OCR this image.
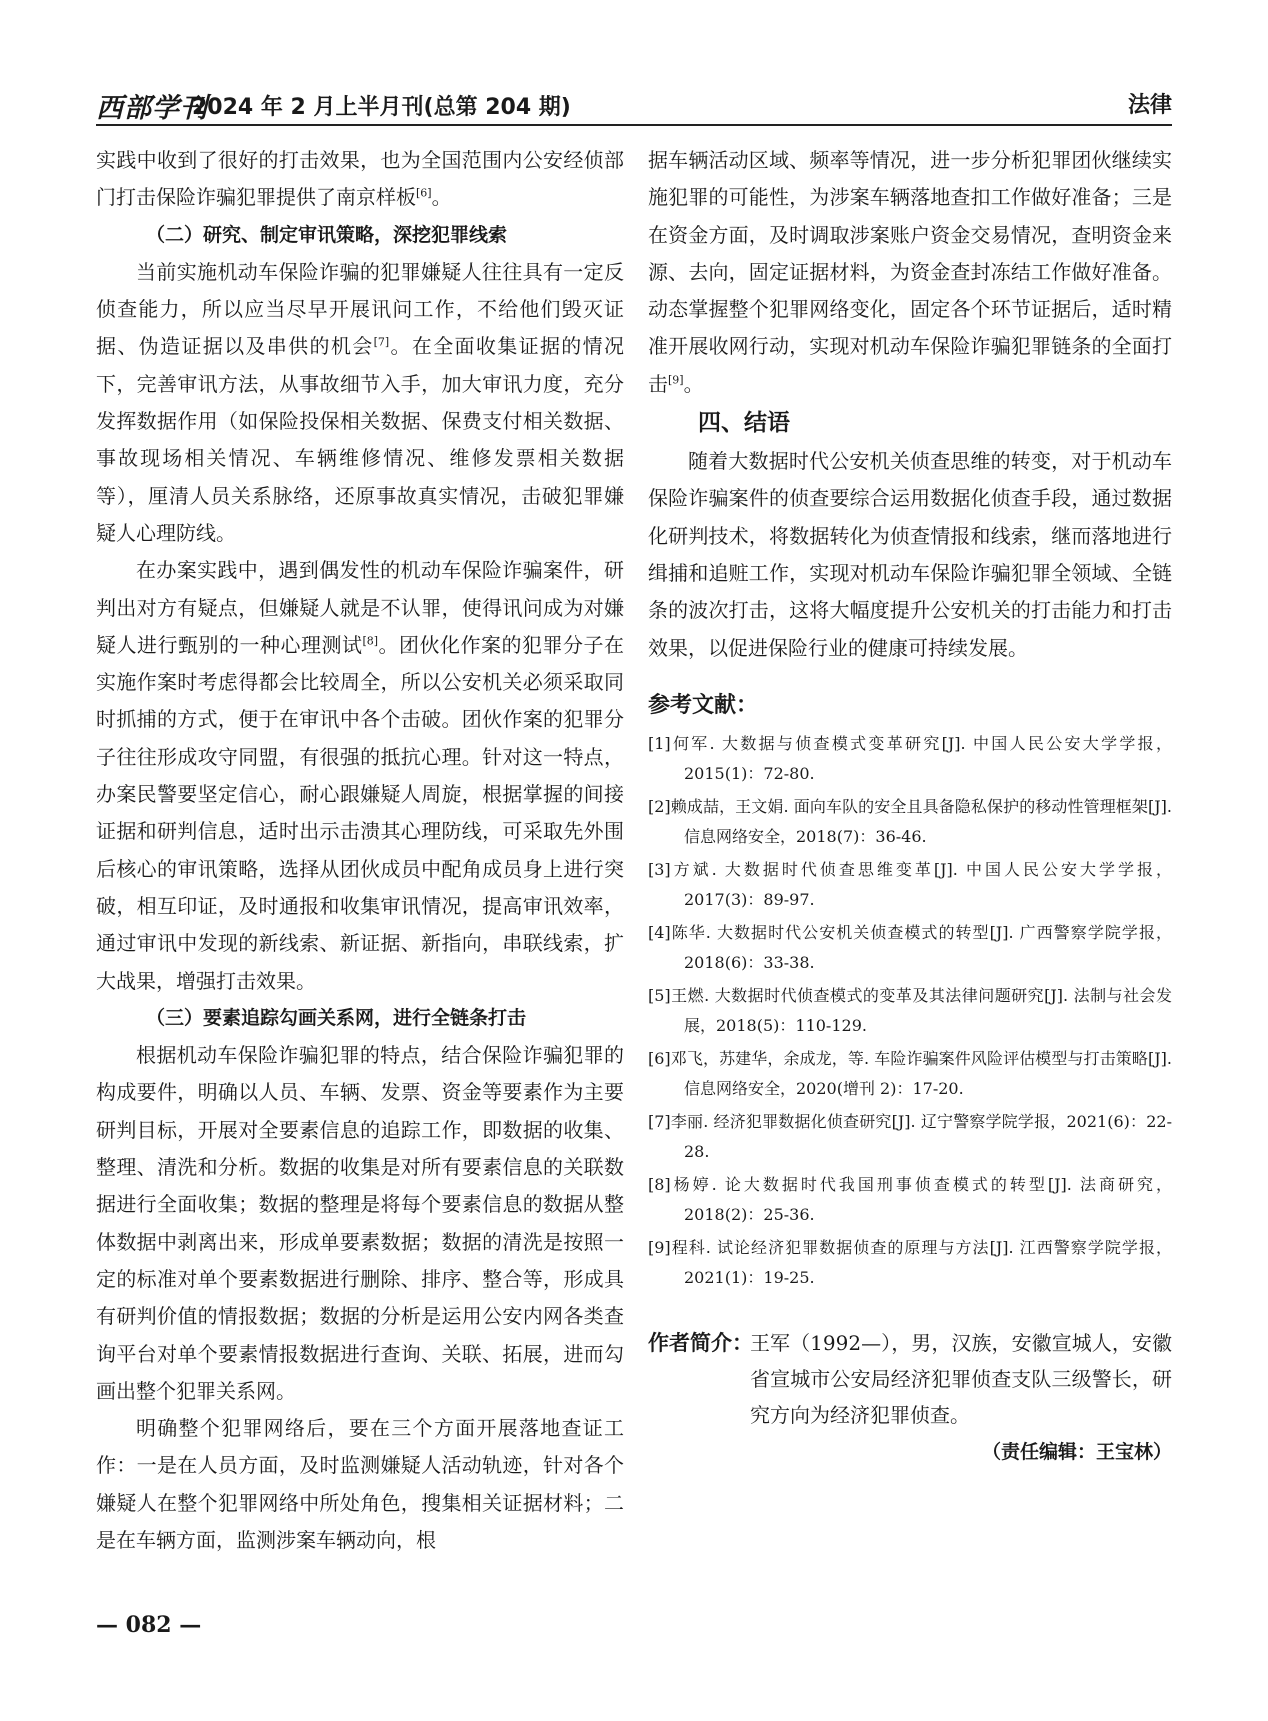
西部学刊
2024 年 2 月上半月刊(总第 204 期)	法律

实践中收到了很好的打击效果，也为全国范围内公安经侦部门打击保险诈骗犯罪提供了南京样板[6]。

（二）研究、制定审讯策略，深挖犯罪线索

当前实施机动车保险诈骗的犯罪嫌疑人往往具有一定反侦查能力，所以应当尽早开展讯问工作，不给他们毁灭证据、伪造证据以及串供的机会[7]。在全面收集证据的情况下，完善审讯方法，从事故细节入手，加大审讯力度，充分发挥数据作用（如保险投保相关数据、保费支付相关数据、事故现场相关情况、车辆维修情况、维修发票相关数据等），厘清人员关系脉络，还原事故真实情况，击破犯罪嫌疑人心理防线。

在办案实践中，遇到偶发性的机动车保险诈骗案件，研判出对方有疑点，但嫌疑人就是不认罪，使得讯问成为对嫌疑人进行甄别的一种心理测试[8]。团伙化作案的犯罪分子在实施作案时考虑得都会比较周全，所以公安机关必须采取同时抓捕的方式，便于在审讯中各个击破。团伙作案的犯罪分子往往形成攻守同盟，有很强的抵抗心理。针对这一特点，办案民警要坚定信心，耐心跟嫌疑人周旋，根据掌握的间接证据和研判信息，适时出示击溃其心理防线，可采取先外围后核心的审讯策略，选择从团伙成员中配角成员身上进行突破，相互印证，及时通报和收集审讯情况，提高审讯效率，通过审讯中发现的新线索、新证据、新指向，串联线索，扩大战果，增强打击效果。

（三）要素追踪勾画关系网，进行全链条打击

根据机动车保险诈骗犯罪的特点，结合保险诈骗犯罪的构成要件，明确以人员、车辆、发票、资金等要素作为主要研判目标，开展对全要素信息的追踪工作，即数据的收集、整理、清洗和分析。数据的收集是对所有要素信息的关联数据进行全面收集；数据的整理是将每个要素信息的数据从整体数据中剥离出来，形成单要素数据；数据的清洗是按照一定的标准对单个要素数据进行删除、排序、整合等，形成具有研判价值的情报数据；数据的分析是运用公安内网各类查询平台对单个要素情报数据进行查询、关联、拓展，进而勾画出整个犯罪关系网。

明确整个犯罪网络后，要在三个方面开展落地查证工作：一是在人员方面，及时监测嫌疑人活动轨迹，针对各个嫌疑人在整个犯罪网络中所处角色，搜集相关证据材料；二是在车辆方面，监测涉案车辆动向，根

据车辆活动区域、频率等情况，进一步分析犯罪团伙继续实施犯罪的可能性，为涉案车辆落地查扣工作做好准备；三是在资金方面，及时调取涉案账户资金交易情况，查明资金来源、去向，固定证据材料，为资金查封冻结工作做好准备。动态掌握整个犯罪网络变化，固定各个环节证据后，适时精准开展收网行动，实现对机动车保险诈骗犯罪链条的全面打击[9]。

四、结语

随着大数据时代公安机关侦查思维的转变，对于机动车保险诈骗案件的侦查要综合运用数据化侦查手段，通过数据化研判技术，将数据转化为侦查情报和线索，继而落地进行缉捕和追赃工作，实现对机动车保险诈骗犯罪全领域、全链条的波次打击，这将大幅度提升公安机关的打击能力和打击效果，以促进保险行业的健康可持续发展。

参考文献：
[1]何军. 大数据与侦查模式变革研究[J]. 中国人民公安大学学报，2015(1)：72-80.
[2]赖成喆，王文娟. 面向车队的安全且具备隐私保护的移动性管理框架[J]. 信息网络安全，2018(7)：36-46.
[3]方斌. 大数据时代侦查思维变革[J]. 中国人民公安大学学报，2017(3)：89-97.
[4]陈华. 大数据时代公安机关侦查模式的转型[J]. 广西警察学院学报，2018(6)：33-38.
[5]王燃. 大数据时代侦查模式的变革及其法律问题研究[J]. 法制与社会发展，2018(5)：110-129.
[6]邓飞，苏建华，余成龙，等. 车险诈骗案件风险评估模型与打击策略[J]. 信息网络安全，2020(增刊 2)：17-20.
[7]李丽. 经济犯罪数据化侦查研究[J]. 辽宁警察学院学报，2021(6)：22-28.
[8]杨婷. 论大数据时代我国刑事侦查模式的转型[J]. 法商研究，2018(2)：25-36.
[9]程科. 试论经济犯罪数据侦查的原理与方法[J]. 江西警察学院学报，2021(1)：19-25.
作者简介：
王军（1992—），男，汉族，安徽宣城人，安徽省宣城市公安局经济犯罪侦查支队三级警长，研究方向为经济犯罪侦查。
（责任编辑：王宝林）
— 082 —
